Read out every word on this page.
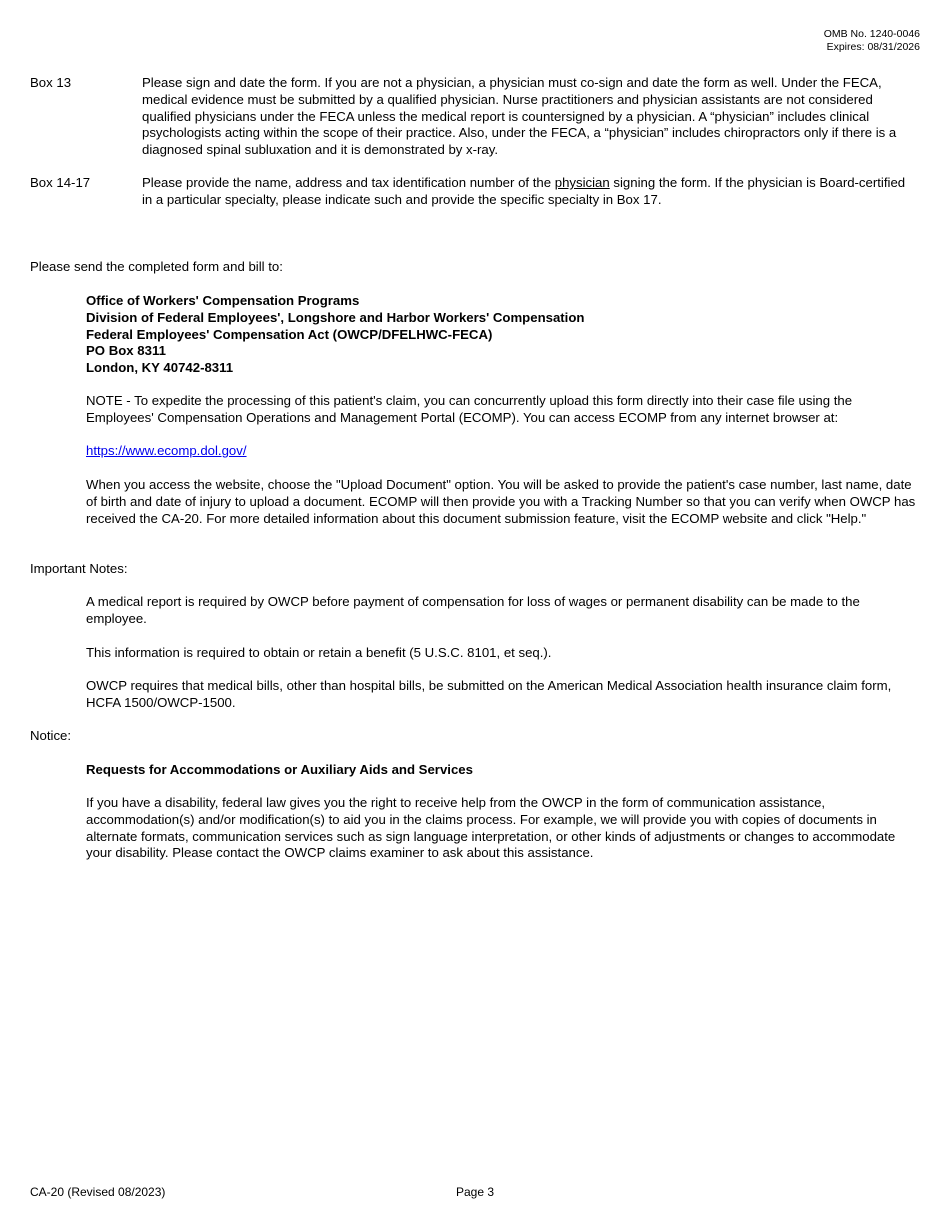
OMB No. 1240-0046
Expires: 08/31/2026
Box 13	Please sign and date the form. If you are not a physician, a physician must co-sign and date the form as well. Under the FECA, medical evidence must be submitted by a qualified physician. Nurse practitioners and physician assistants are not considered qualified physicians under the FECA unless the medical report is countersigned by a physician. A “physician” includes clinical psychologists acting within the scope of their practice. Also, under the FECA, a “physician” includes chiropractors only if there is a diagnosed spinal subluxation and it is demonstrated by x-ray.
Box 14-17	Please provide the name, address and tax identification number of the physician signing the form. If the physician is Board-certified in a particular specialty, please indicate such and provide the specific specialty in Box 17.
Please send the completed form and bill to:
Office of Workers' Compensation Programs
Division of Federal Employees', Longshore and Harbor Workers' Compensation
Federal Employees' Compensation Act (OWCP/DFELHWC-FECA)
PO Box 8311
London, KY 40742-8311
NOTE - To expedite the processing of this patient's claim, you can concurrently upload this form directly into their case file using the Employees' Compensation Operations and Management Portal (ECOMP). You can access ECOMP from any internet browser at:
https://www.ecomp.dol.gov/
When you access the website, choose the "Upload Document" option. You will be asked to provide the patient's case number, last name, date of birth and date of injury to upload a document. ECOMP will then provide you with a Tracking Number so that you can verify when OWCP has received the CA-20. For more detailed information about this document submission feature, visit the ECOMP website and click "Help."
Important Notes:
A medical report is required by OWCP before payment of compensation for loss of wages or permanent disability can be made to the employee.
This information is required to obtain or retain a benefit (5 U.S.C. 8101, et seq.).
OWCP requires that medical bills, other than hospital bills, be submitted on the American Medical Association health insurance claim form, HCFA 1500/OWCP-1500.
Notice:
Requests for Accommodations or Auxiliary Aids and Services
If you have a disability, federal law gives you the right to receive help from the OWCP in the form of communication assistance, accommodation(s) and/or modification(s) to aid you in the claims process. For example, we will provide you with copies of documents in alternate formats, communication services such as sign language interpretation, or other kinds of adjustments or changes to accommodate your disability. Please contact the OWCP claims examiner to ask about this assistance.
CA-20 (Revised 08/2023)	Page 3
